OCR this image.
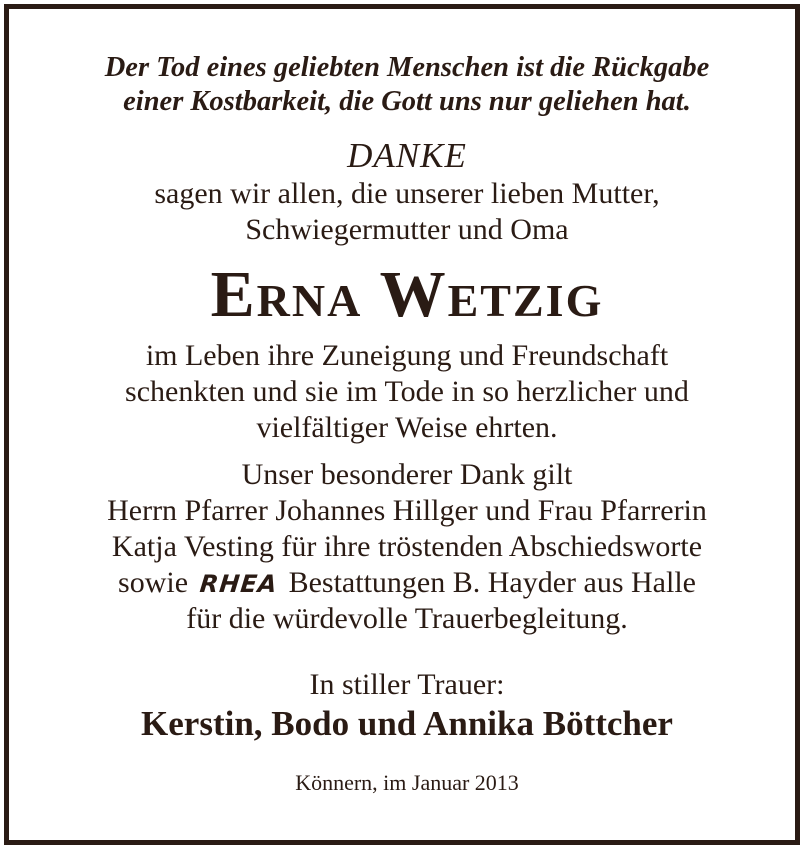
Der Tod eines geliebten Menschen ist die Rückgabe
einer Kostbarkeit, die Gott uns nur geliehen hat.
DANKE
sagen wir allen, die unserer lieben Mutter,
Schwiegermutter und Oma
Erna Wetzig
im Leben ihre Zuneigung und Freundschaft
schenkten und sie im Tode in so herzlicher und
vielfältiger Weise ehrten.
Unser besonderer Dank gilt
Herrn Pfarrer Johannes Hillger und Frau Pfarrerin
Katja Vesting für ihre tröstenden Abschiedsworte
sowie RHEA Bestattungen B. Hayder aus Halle
für die würdevolle Trauerbegleitung.
In stiller Trauer:
Kerstin, Bodo und Annika Böttcher
Könnern, im Januar 2013
